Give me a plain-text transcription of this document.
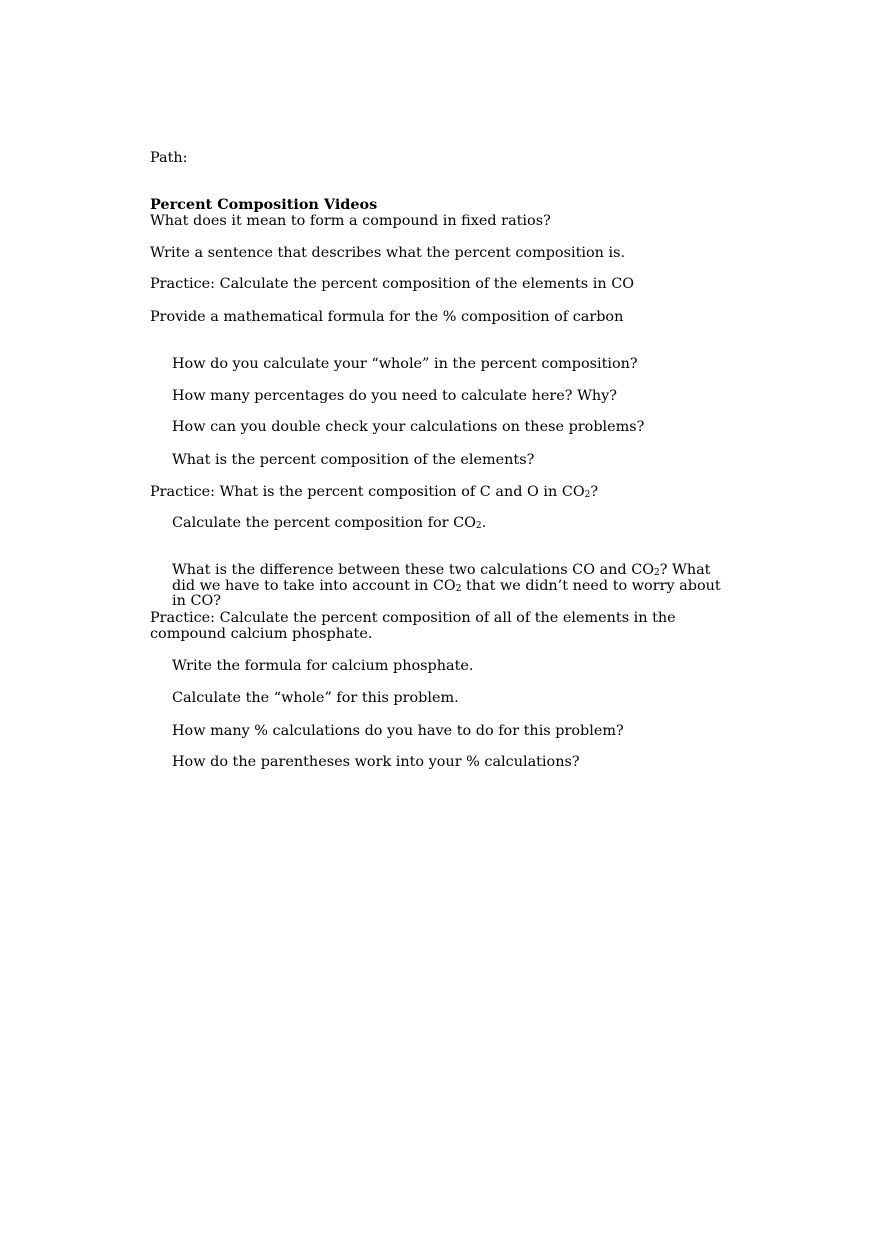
Path:
Percent Composition Videos
What does it mean to form a compound in fixed ratios?
Write a sentence that describes what the percent composition is.
Practice: Calculate the percent composition of the elements in CO
Provide a mathematical formula for the % composition of carbon
How do you calculate your “whole” in the percent composition?
How many percentages do you need to calculate here? Why?
How can you double check your calculations on these problems?
What is the percent composition of the elements?
Practice: What is the percent composition of C and O in CO2?
Calculate the percent composition for CO2.
What is the difference between these two calculations CO and CO2? What did we have to take into account in CO2 that we didn’t need to worry about in CO?
Practice: Calculate the percent composition of all of the elements in the compound calcium phosphate.
Write the formula for calcium phosphate.
Calculate the “whole” for this problem.
How many % calculations do you have to do for this problem?
How do the parentheses work into your % calculations?
